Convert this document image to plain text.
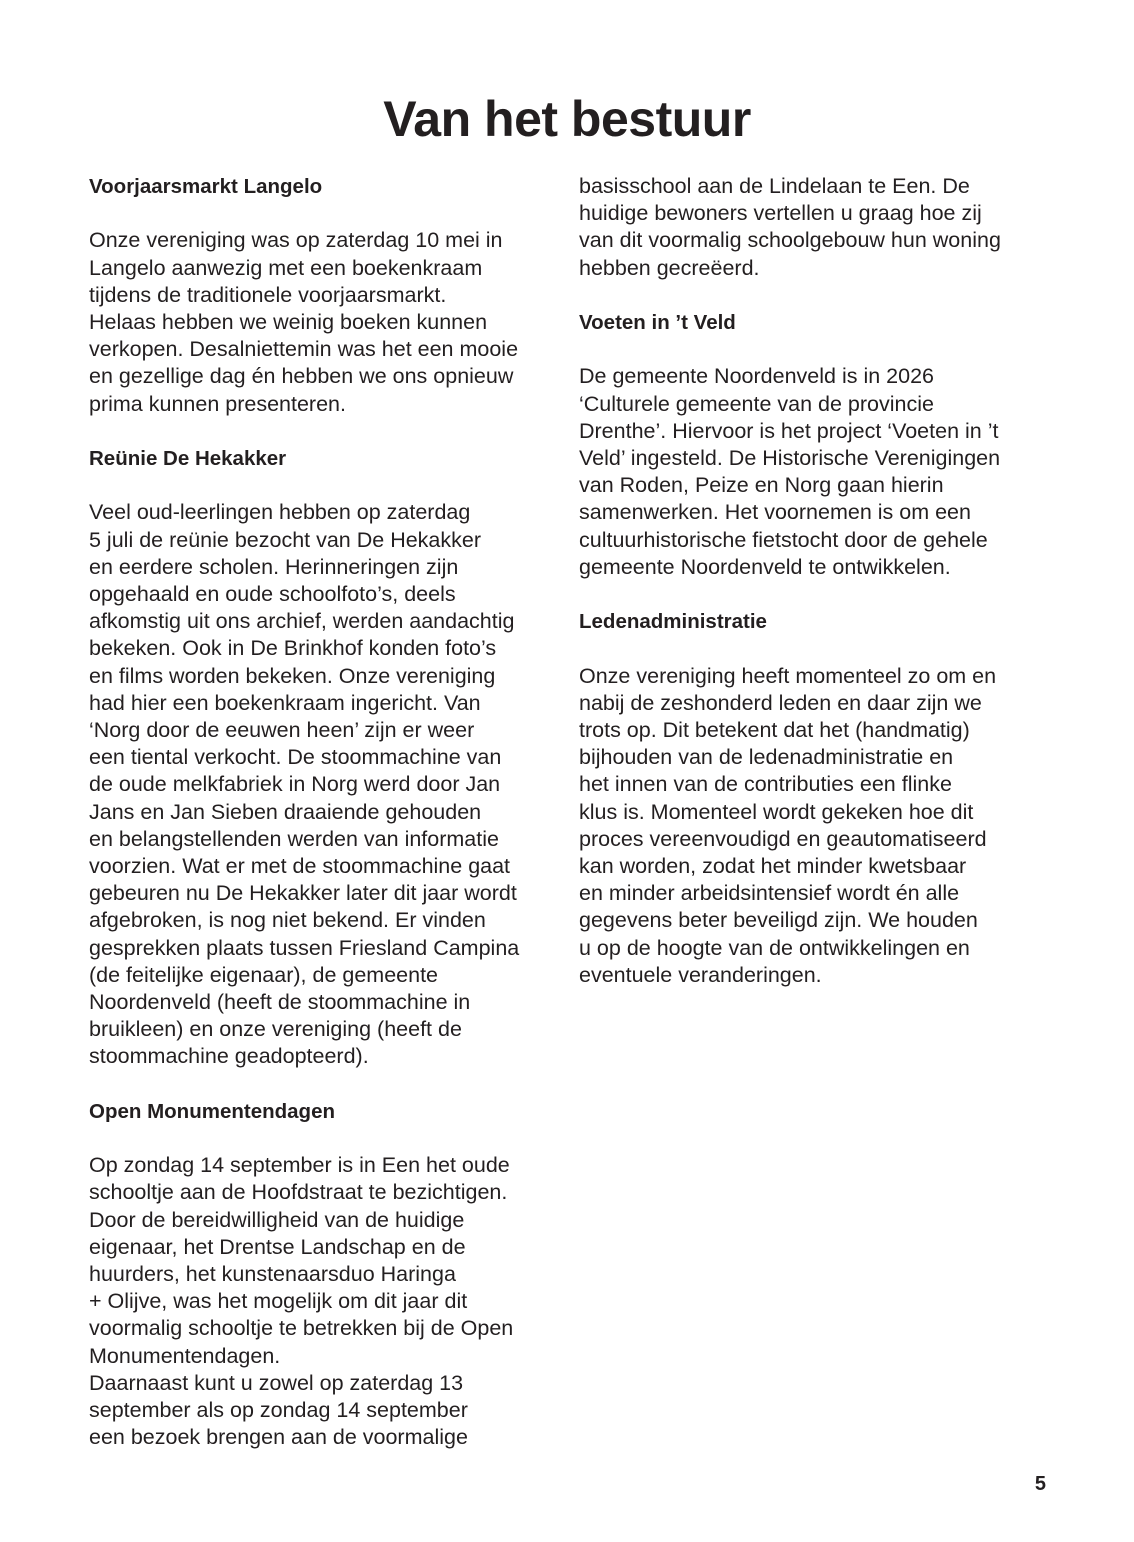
Van het bestuur

Voorjaarsmarkt Langelo

Onze vereniging was op zaterdag 10 mei in
Langelo aanwezig met een boekenkraam
tijdens de traditionele voorjaarsmarkt.
Helaas hebben we weinig boeken kunnen
verkopen. Desalniettemin was het een mooie
en gezellige dag én hebben we ons opnieuw
prima kunnen presenteren.

Reünie De Hekakker

Veel oud-leerlingen hebben op zaterdag
5 juli de reünie bezocht van De Hekakker
en eerdere scholen. Herinneringen zijn
opgehaald en oude schoolfoto’s, deels
afkomstig uit ons archief, werden aandachtig
bekeken. Ook in De Brinkhof konden foto’s
en films worden bekeken. Onze vereniging
had hier een boekenkraam ingericht. Van
‘Norg door de eeuwen heen’ zijn er weer
een tiental verkocht. De stoommachine van
de oude melkfabriek in Norg werd door Jan
Jans en Jan Sieben draaiende gehouden
en belangstellenden werden van informatie
voorzien. Wat er met de stoommachine gaat
gebeuren nu De Hekakker later dit jaar wordt
afgebroken, is nog niet bekend. Er vinden
gesprekken plaats tussen Friesland Campina
(de feitelijke eigenaar), de gemeente
Noordenveld (heeft de stoommachine in
bruikleen) en onze vereniging (heeft de
stoommachine geadopteerd).

Open Monumentendagen

Op zondag 14 september is in Een het oude
schooltje aan de Hoofdstraat te bezichtigen.
Door de bereidwilligheid van de huidige
eigenaar, het Drentse Landschap en de
huurders, het kunstenaarsduo Haringa
+ Olijve, was het mogelijk om dit jaar dit
voormalig schooltje te betrekken bij de Open
Monumentendagen.
Daarnaast kunt u zowel op zaterdag 13
september als op zondag 14 september
een bezoek brengen aan de voormalige

basisschool aan de Lindelaan te Een. De
huidige bewoners vertellen u graag hoe zij
van dit voormalig schoolgebouw hun woning
hebben gecreëerd.

Voeten in ’t Veld

De gemeente Noordenveld is in 2026
‘Culturele gemeente van de provincie
Drenthe’. Hiervoor is het project ‘Voeten in ’t
Veld’ ingesteld. De Historische Verenigingen
van Roden, Peize en Norg gaan hierin
samenwerken. Het voornemen is om een
cultuurhistorische fietstocht door de gehele
gemeente Noordenveld te ontwikkelen.

Ledenadministratie

Onze vereniging heeft momenteel zo om en
nabij de zeshonderd leden en daar zijn we
trots op. Dit betekent dat het (handmatig)
bijhouden van de ledenadministratie en
het innen van de contributies een flinke
klus is. Momenteel wordt gekeken hoe dit
proces vereenvoudigd en geautomatiseerd
kan worden, zodat het minder kwetsbaar
en minder arbeidsintensief wordt én alle
gegevens beter beveiligd zijn. We houden
u op de hoogte van de ontwikkelingen en
eventuele veranderingen.

5
